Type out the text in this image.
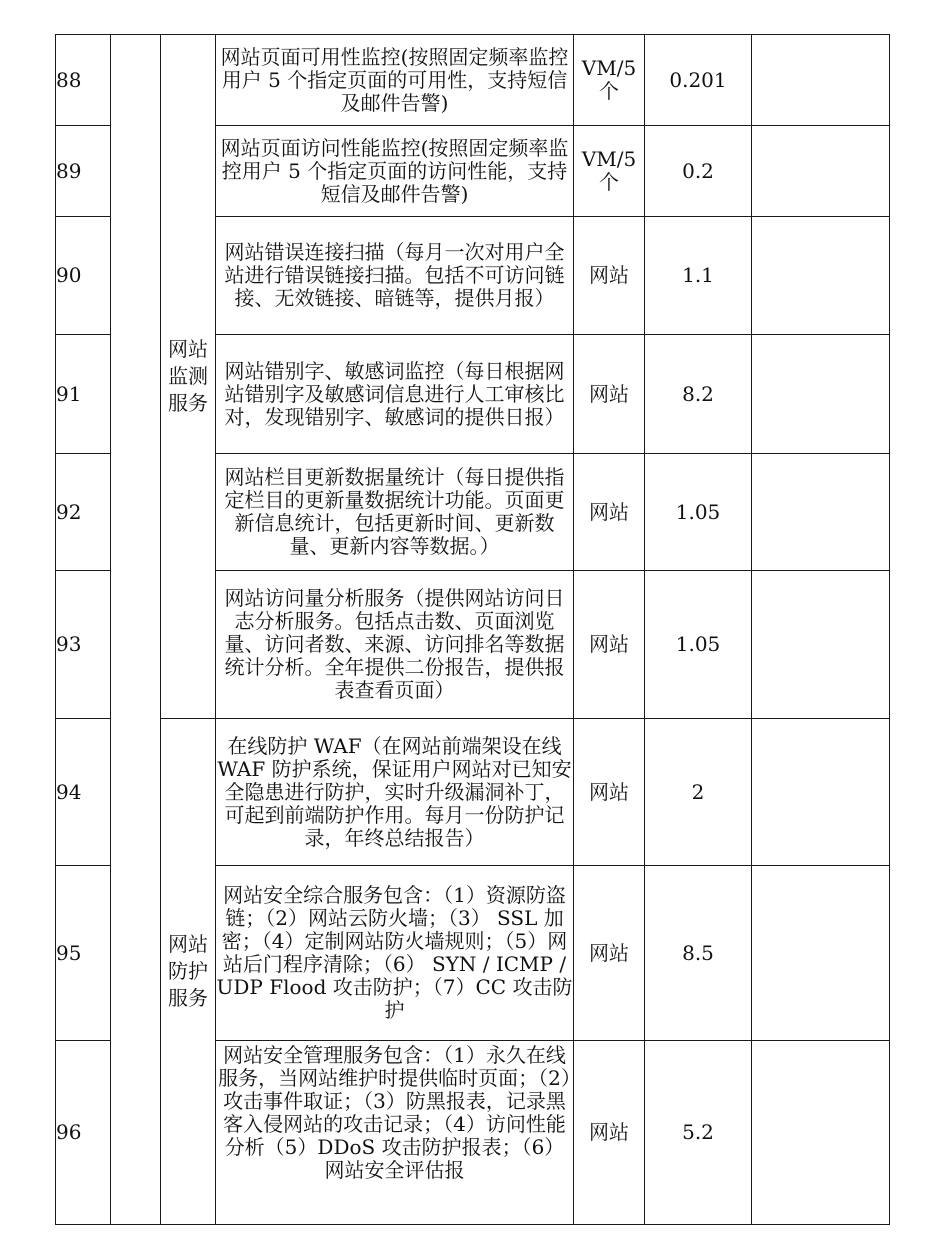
88		网站监测服务	网站页面可用性监控(按照固定频率监控用户 5 个指定页面的可用性，支持短信及邮件告警)	VM/5个	0.201	
89			网站页面访问性能监控(按照固定频率监控用户 5 个指定页面的访问性能，支持短信及邮件告警)	VM/5个	0.2	
90			网站错误连接扫描（每月一次对用户全站进行错误链接扫描。包括不可访问链接、无效链接、暗链等，提供月报）	网站	1.1	
91			网站错别字、敏感词监控（每日根据网站错别字及敏感词信息进行人工审核比对，发现错别字、敏感词的提供日报）	网站	8.2	
92			网站栏目更新数据量统计（每日提供指定栏目的更新量数据统计功能。页面更新信息统计，包括更新时间、更新数量、更新内容等数据。）	网站	1.05	
93			网站访问量分析服务（提供网站访问日志分析服务。包括点击数、页面浏览量、访问者数、来源、访问排名等数据统计分析。全年提供二份报告，提供报表查看页面）	网站	1.05	
94		网站防护服务	在线防护 WAF（在网站前端架设在线 WAF 防护系统，保证用户网站对已知安全隐患进行防护，实时升级漏洞补丁，可起到前端防护作用。每月一份防护记录，年终总结报告）	网站	2	
95			网站安全综合服务包含：（1）资源防盗链；（2）网站云防火墙；（3） SSL 加密；（4）定制网站防火墙规则；（5）网站后门程序清除；（6） SYN / ICMP / UDP Flood 攻击防护；（7）CC 攻击防护	网站	8.5	
96			网站安全管理服务包含：（1）永久在线服务，当网站维护时提供临时页面；（2）攻击事件取证；（3）防黑报表，记录黑客入侵网站的攻击记录；（4）访问性能分析（5）DDoS 攻击防护报表；（6）网站安全评估报	网站	5.2	
